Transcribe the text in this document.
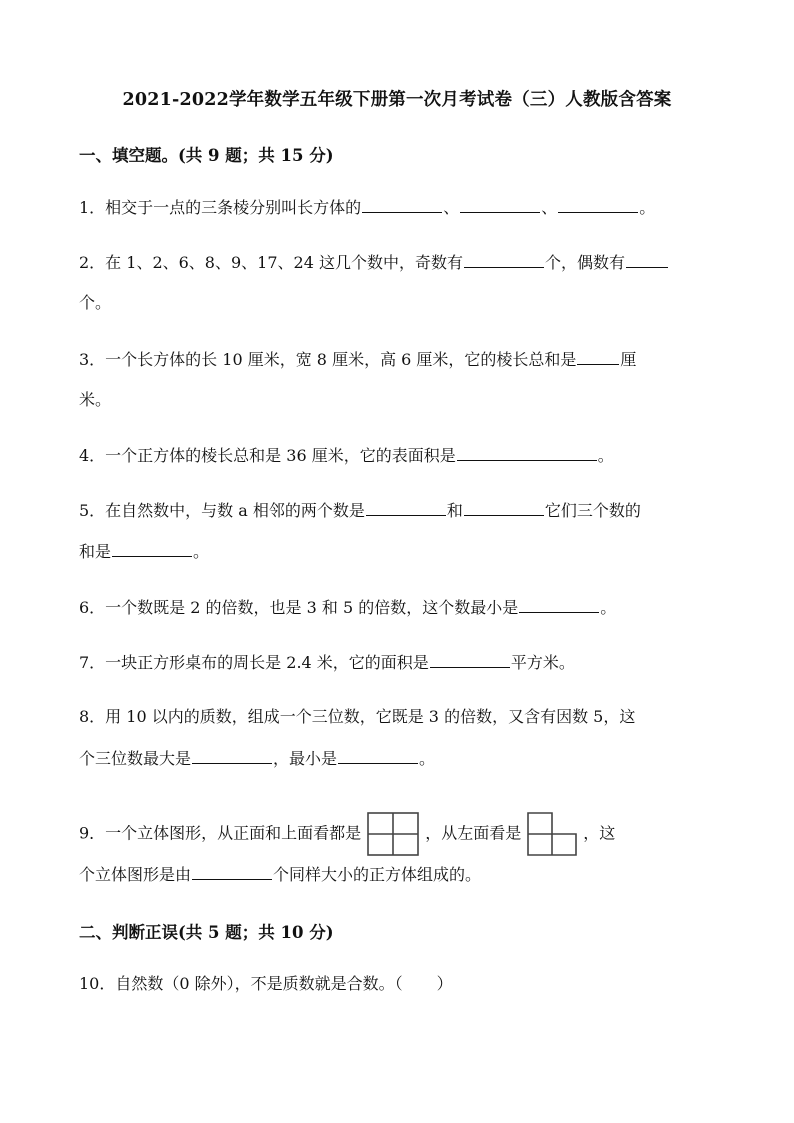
2021-2022学年数学五年级下册第一次月考试卷（三）人教版含答案
一、填空题。(共 9 题；共 15 分)
1．相交于一点的三条棱分别叫长方体的	、	、	。
2．在 1、2、6、8、9、17、24 这几个数中，奇数有	个，偶数有
个。
3．一个长方体的长 10 厘米，宽 8 厘米，高 6 厘米，它的棱长总和是	厘
米。
4．一个正方体的棱长总和是 36 厘米，它的表面积是	。
5．在自然数中，与数 a 相邻的两个数是	和	它们三个数的
和是	。
6．一个数既是 2 的倍数，也是 3 和 5 的倍数，这个数最小是	。
7．一块正方形桌布的周长是 2.4 米，它的面积是	平方米。
8．用 10 以内的质数，组成一个三位数，它既是 3 的倍数，又含有因数 5，这
个三位数最大是	，最小是	。
9．一个立体图形，从正面和上面看都是	，从左面看是	，这
个立体图形是由	个同样大小的正方体组成的。
二、判断正误(共 5 题；共 10 分)
10．自然数（0 除外），不是质数就是合数。（ ）
